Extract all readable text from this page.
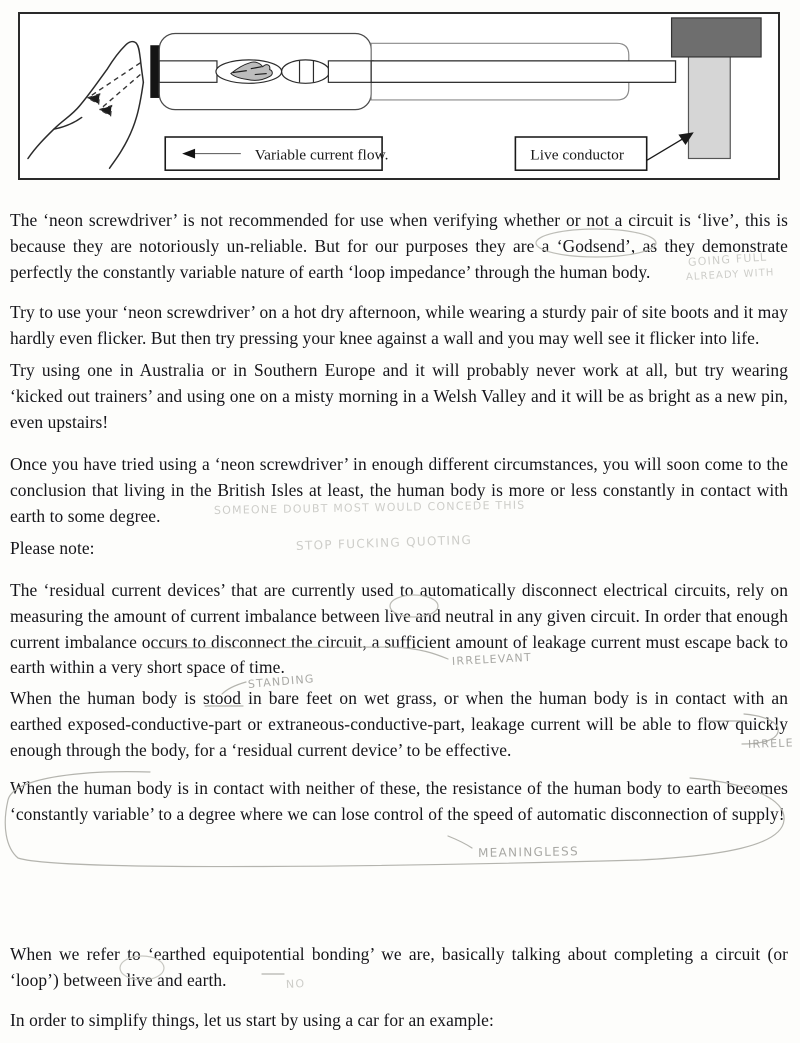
Variable current flow.	Live conductor
The ‘neon screwdriver’ is not recommended for use when verifying whether or not a circuit is ‘live’, this is because they are notoriously un-reliable. But for our purposes they are a ‘Godsend’, as they demonstrate perfectly the constantly variable nature of earth ‘loop impedance’ through the human body.
Try to use your ‘neon screwdriver’ on a hot dry afternoon, while wearing a sturdy pair of site boots and it may hardly even flicker. But then try pressing your knee against a wall and you may well see it flicker into life.
Try using one in Australia or in Southern Europe and it will probably never work at all, but try wearing ‘kicked out trainers’ and using one on a misty morning in a Welsh Valley and it will be as bright as a new pin, even upstairs!
Once you have tried using a ‘neon screwdriver’ in enough different circumstances, you will soon come to the conclusion that living in the British Isles at least, the human body is more or less constantly in contact with earth to some degree.
Please note:
The ‘residual current devices’ that are currently used to automatically disconnect electrical circuits, rely on measuring the amount of current imbalance between live and neutral in any given circuit. In order that enough current imbalance occurs to disconnect the circuit, a sufficient amount of leakage current must escape back to earth within a very short space of time.
When the human body is stood in bare feet on wet grass, or when the human body is in contact with an earthed exposed-conductive-part or extraneous-conductive-part, leakage current will be able to flow quickly enough through the body, for a ‘residual current device’ to be effective.
When the human body is in contact with neither of these, the resistance of the human body to earth becomes ‘constantly variable’ to a degree where we can lose control of the speed of automatic disconnection of supply!
When we refer to ‘earthed equipotential bonding’ we are, basically talking about completing a circuit (or ‘loop’) between live and earth.
In order to simplify things, let us start by using a car for an example:
GOING FULL
ALREADY WITH
SOMEONE DOUBT MOST WOULD CONCEDE THIS
STOP FUCKING QUOTING
IRRELEVANT
STANDING
IRRELE
MEANINGLESS
NO
